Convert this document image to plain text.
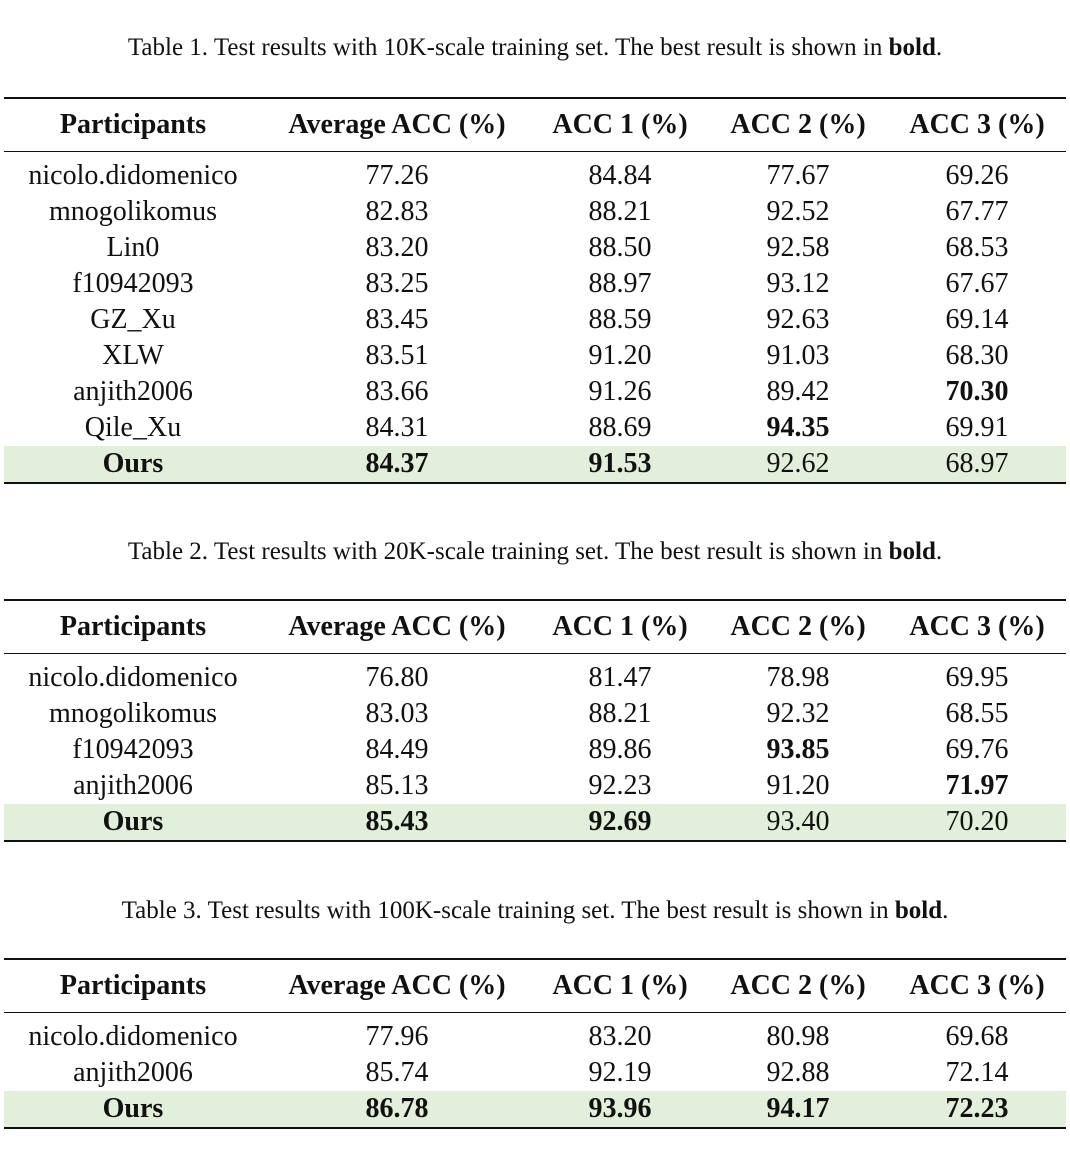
Table 1. Test results with 10K-scale training set. The best result is shown in bold.
Participants	Average ACC (%)	ACC 1 (%)	ACC 2 (%)	ACC 3 (%)
nicolo.didomenico	77.26	84.84	77.67	69.26
mnogolikomus	82.83	88.21	92.52	67.77
Lin0	83.20	88.50	92.58	68.53
f10942093	83.25	88.97	93.12	67.67
GZ_Xu	83.45	88.59	92.63	69.14
XLW	83.51	91.20	91.03	68.30
anjith2006	83.66	91.26	89.42	70.30
Qile_Xu	84.31	88.69	94.35	69.91
Ours	84.37	91.53	92.62	68.97
Table 2. Test results with 20K-scale training set. The best result is shown in bold.
Participants	Average ACC (%)	ACC 1 (%)	ACC 2 (%)	ACC 3 (%)
nicolo.didomenico	76.80	81.47	78.98	69.95
mnogolikomus	83.03	88.21	92.32	68.55
f10942093	84.49	89.86	93.85	69.76
anjith2006	85.13	92.23	91.20	71.97
Ours	85.43	92.69	93.40	70.20
Table 3. Test results with 100K-scale training set. The best result is shown in bold.
Participants	Average ACC (%)	ACC 1 (%)	ACC 2 (%)	ACC 3 (%)
nicolo.didomenico	77.96	83.20	80.98	69.68
anjith2006	85.74	92.19	92.88	72.14
Ours	86.78	93.96	94.17	72.23
